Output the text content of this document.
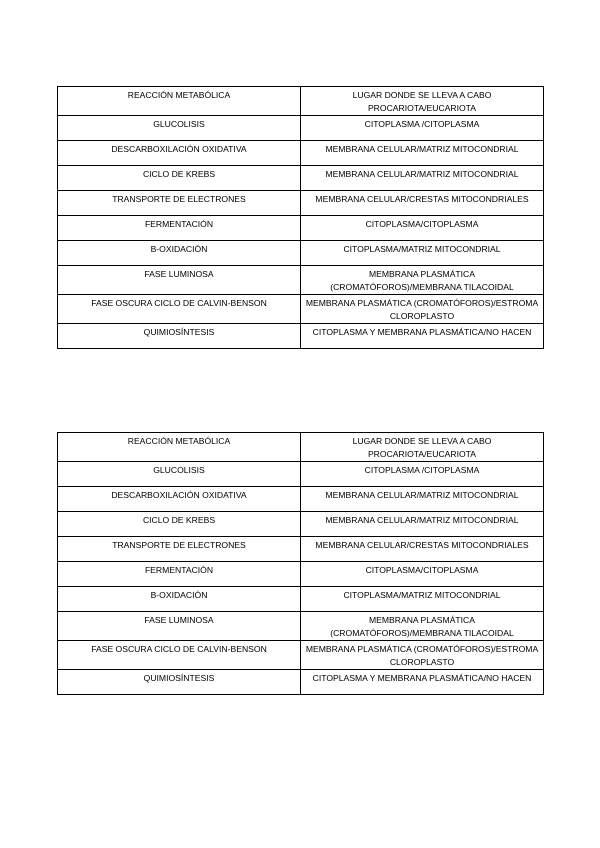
REACCIÓN METABÓLICA	LUGAR DONDE SE LLEVA A CABO PROCARIOTA/EUCARIOTA
GLUCOLISIS	CITOPLASMA /CITOPLASMA
DESCARBOXILACIÓN OXIDATIVA	MEMBRANA CELULAR/MATRIZ MITOCONDRIAL
CICLO DE KREBS	MEMBRANA CELULAR/MATRIZ MITOCONDRIAL
TRANSPORTE DE ELECTRONES	MEMBRANA CELULAR/CRESTAS MITOCONDRIALES
FERMENTACIÓN	CITOPLASMA/CITOPLASMA
Β-OXIDACIÓN	CITOPLASMA/MATRIZ MITOCONDRIAL
FASE LUMINOSA	MEMBRANA PLASMÁTICA (CROMATÓFOROS)/MEMBRANA TILACOIDAL
FASE OSCURA CICLO DE CALVIN-BENSON	MEMBRANA PLASMÁTICA (CROMATÓFOROS)/ESTROMA CLOROPLASTO
QUIMIOSÍNTESIS	CITOPLASMA Y MEMBRANA PLASMÁTICA/NO HACEN
REACCIÓN METABÓLICA	LUGAR DONDE SE LLEVA A CABO PROCARIOTA/EUCARIOTA
GLUCOLISIS	CITOPLASMA /CITOPLASMA
DESCARBOXILACIÓN OXIDATIVA	MEMBRANA CELULAR/MATRIZ MITOCONDRIAL
CICLO DE KREBS	MEMBRANA CELULAR/MATRIZ MITOCONDRIAL
TRANSPORTE DE ELECTRONES	MEMBRANA CELULAR/CRESTAS MITOCONDRIALES
FERMENTACIÓN	CITOPLASMA/CITOPLASMA
Β-OXIDACIÓN	CITOPLASMA/MATRIZ MITOCONDRIAL
FASE LUMINOSA	MEMBRANA PLASMÁTICA (CROMATÓFOROS)/MEMBRANA TILACOIDAL
FASE OSCURA CICLO DE CALVIN-BENSON	MEMBRANA PLASMÁTICA (CROMATÓFOROS)/ESTROMA CLOROPLASTO
QUIMIOSÍNTESIS	CITOPLASMA Y MEMBRANA PLASMÁTICA/NO HACEN
